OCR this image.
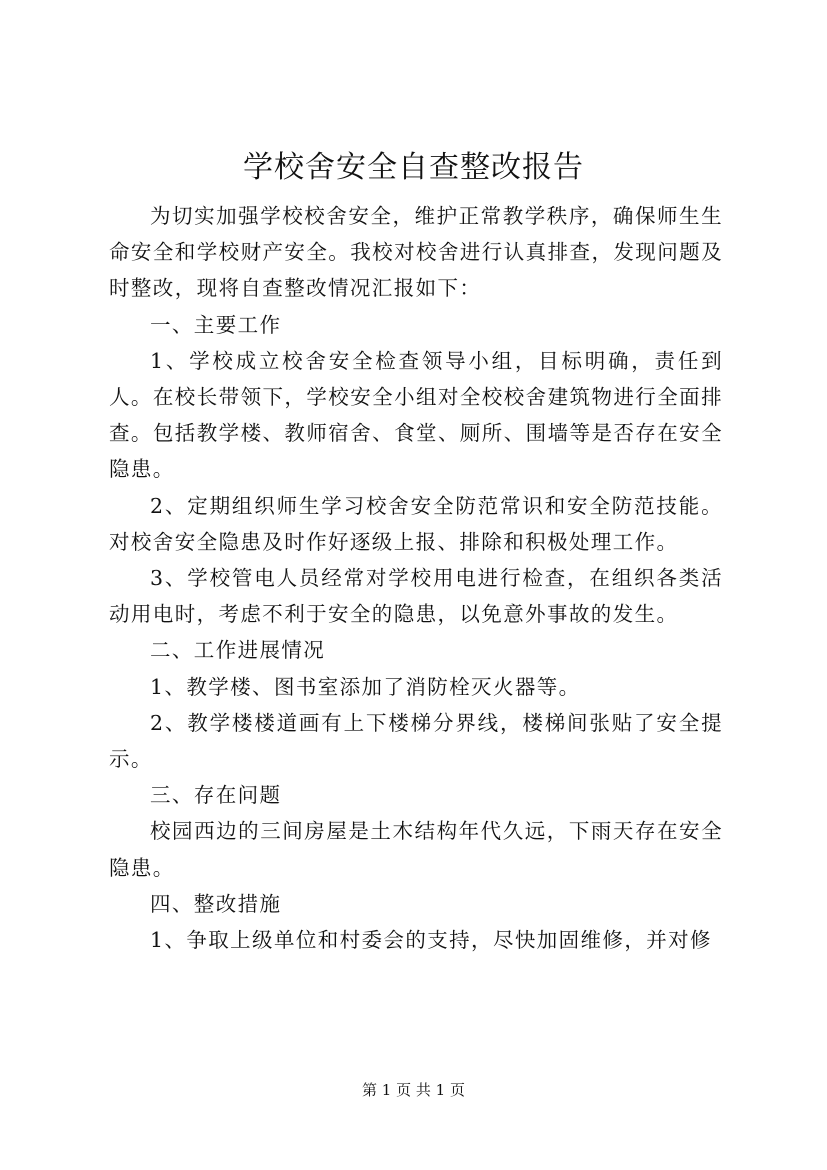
学校舍安全自查整改报告

为切实加强学校校舍安全，维护正常教学秩序，确保师生生命安全和学校财产安全。我校对校舍进行认真排查，发现问题及时整改，现将自查整改情况汇报如下：

一、主要工作

1、学校成立校舍安全检查领导小组，目标明确，责任到人。在校长带领下，学校安全小组对全校校舍建筑物进行全面排查。包括教学楼、教师宿舍、食堂、厕所、围墙等是否存在安全隐患。

2、定期组织师生学习校舍安全防范常识和安全防范技能。对校舍安全隐患及时作好逐级上报、排除和积极处理工作。

3、学校管电人员经常对学校用电进行检查，在组织各类活动用电时，考虑不利于安全的隐患，以免意外事故的发生。

二、工作进展情况

1、教学楼、图书室添加了消防栓灭火器等。

2、教学楼楼道画有上下楼梯分界线，楼梯间张贴了安全提示。

三、存在问题

校园西边的三间房屋是土木结构年代久远，下雨天存在安全隐患。

四、整改措施

1、争取上级单位和村委会的支持，尽快加固维修，并对修

第 1 页 共 1 页
